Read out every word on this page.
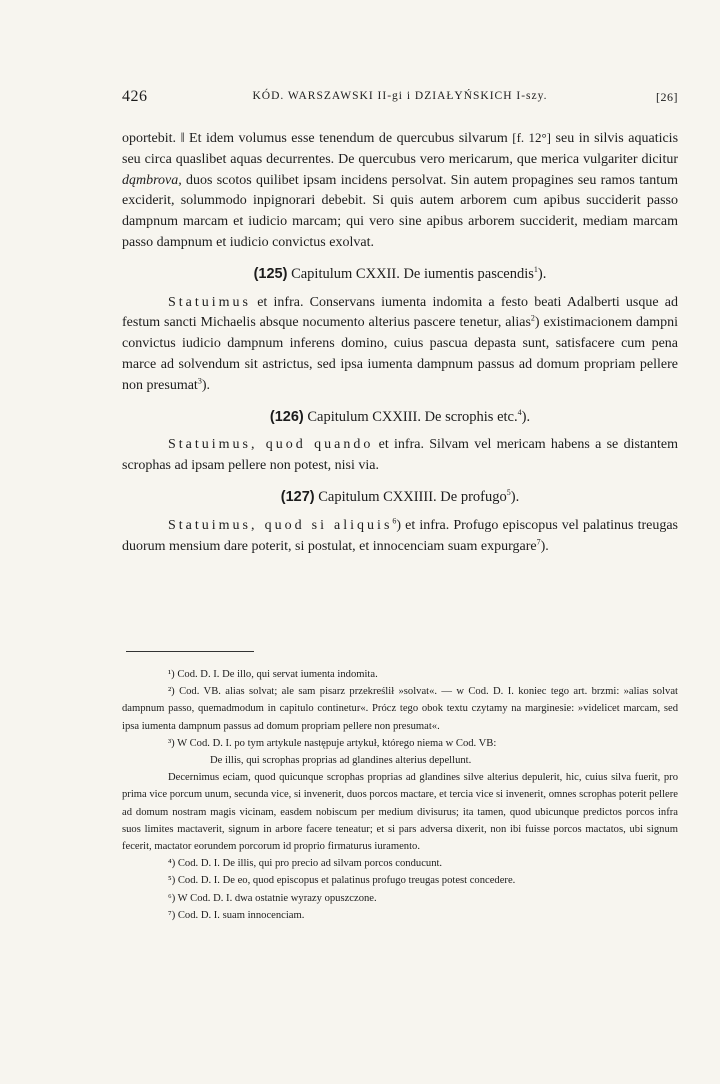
426	KÓD. WARSZAWSKI II-gi i DZIAŁYŃSKICH I-szy.	[26]

oportebit. ‖ Et idem volumus esse tenendum de quercubus silvarum [f. 12°] seu in silvis aquaticis seu circa quaslibet aquas decurrentes. De quercubus vero mericarum, que merica vulgariter dicitur dąmbrova, duos scotos quilibet ipsam incidens persolvat. Sin autem propagines seu ramos tantum exciderit, solummodo inpignorari debebit. Si quis autem arborem cum apibus succiderit passo dampnum marcam et iudicio marcam; qui vero sine apibus arborem succiderit, mediam marcam passo dampnum et iudicio convictus exolvat.

(125) Capitulum CXXII. De iumentis pascendis$^1$).

Statuimus et infra. Conservans iumenta indomita a festo beati Adalberti usque ad festum sancti Michaelis absque nocumento alterius pascere tenetur, alias$^2$) existimacionem dampni convictus iudicio dampnum inferens domino, cuius pascua depasta sunt, satisfacere cum pena marce ad solvendum sit astrictus, sed ipsa iumenta dampnum passus ad domum propriam pellere non presumat$^3$).

(126) Capitulum CXXIII. De scrophis etc.$^4$).

Statuimus, quod quando et infra. Silvam vel mericam habens a se distantem scrophas ad ipsam pellere non potest, nisi via.

(127) Capitulum CXXIIII. De profugo$^5$).

Statuimus, quod si aliquis$^6$) et infra. Profugo episcopus vel palatinus treugas duorum mensium dare poterit, si postulat, et innocenciam suam expurgare$^7$).

¹) Cod. D. I. De illo, qui servat iumenta indomita.

²) Cod. VB. alias solvat; ale sam pisarz przekreślił »solvat«. — w Cod. D. I. koniec tego art. brzmi: »alias solvat dampnum passo, quemadmodum in capitulo continetur«. Prócz tego obok textu czytamy na marginesie: »videlicet marcam, sed ipsa iumenta dampnum passus ad domum propriam pellere non presumat«.

³) W Cod. D. I. po tym artykule następuje artykuł, którego niema w Cod. VB:

De illis, qui scrophas proprias ad glandines alterius depellunt.

Decernimus eciam, quod quicunque scrophas proprias ad glandines silve alterius depulerit, hic, cuius silva fuerit, pro prima vice porcum unum, secunda vice, si invenerit, duos porcos mactare, et tercia vice si invenerit, omnes scrophas poterit pellere ad domum nostram magis vicinam, easdem nobiscum per medium divisurus; ita tamen, quod ubicunque predictos porcos infra suos limites mactaverit, signum in arbore facere teneatur; et si pars adversa dixerit, non ibi fuisse porcos mactatos, ubi signum fecerit, mactator eorundem porcorum id proprio firmaturus iuramento.

⁴) Cod. D. I. De illis, qui pro precio ad silvam porcos conducunt.

⁵) Cod. D. I. De eo, quod episcopus et palatinus profugo treugas potest concedere.

⁶) W Cod. D. I. dwa ostatnie wyrazy opuszczone.

⁷) Cod. D. I. suam innocenciam.
